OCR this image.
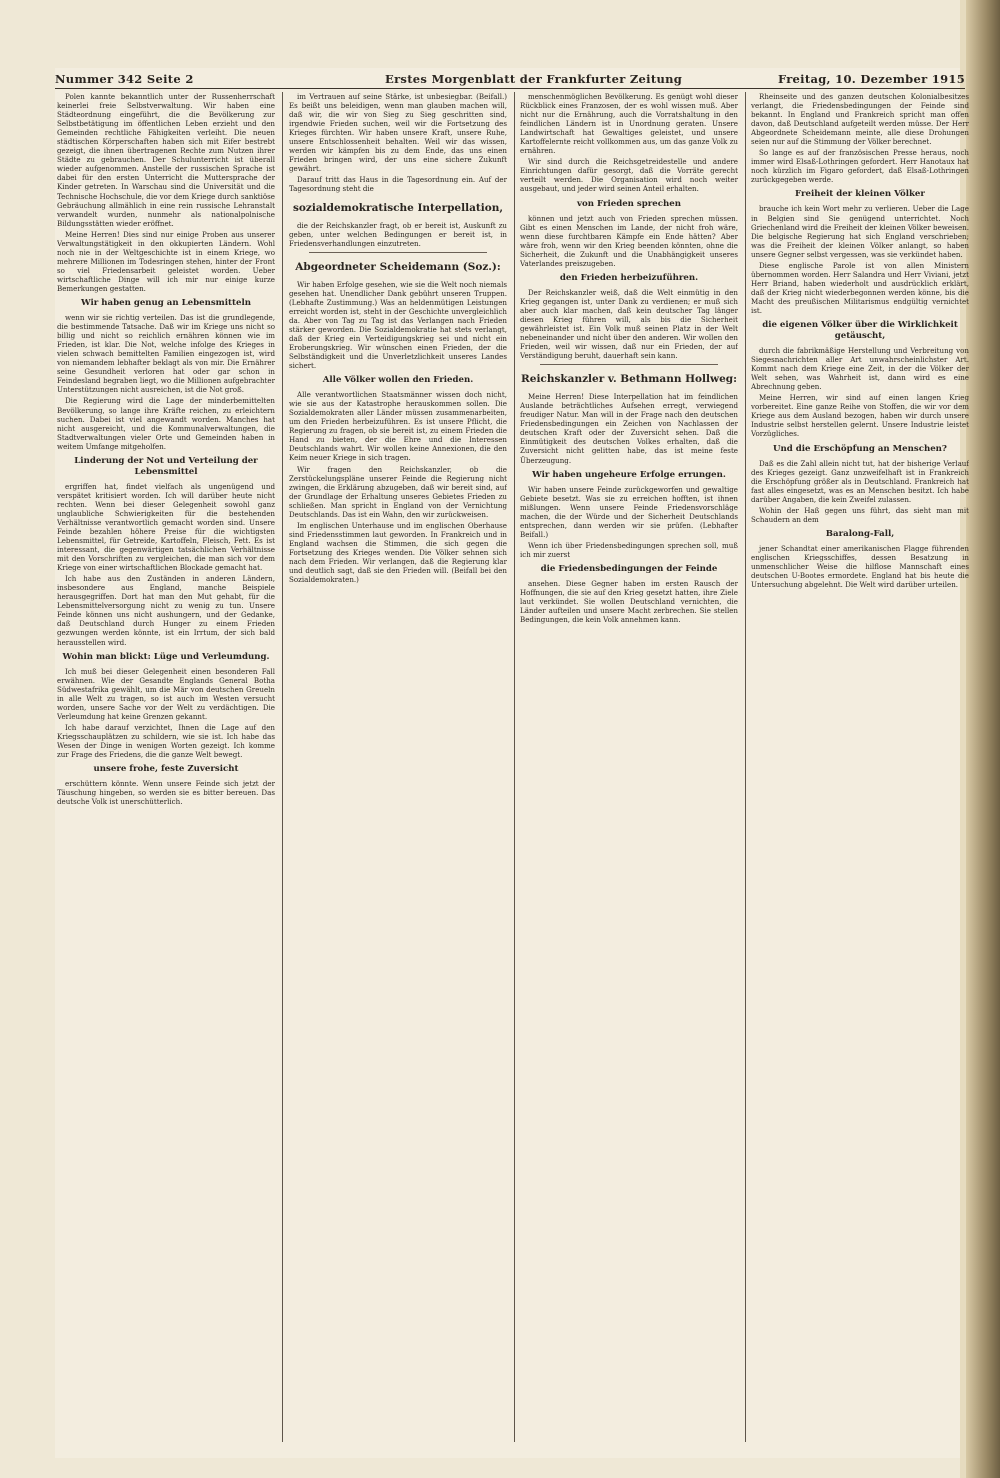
Nummer 342 Seite 2	Erstes Morgenblatt der Frankfurter Zeitung	Freitag, 10. Dezember 1915

Polen kannte bekanntlich unter der Russenherrschaft keinerlei freie Selbstverwaltung. Wir haben eine Städteordnung eingeführt, die die Bevölkerung zur Selbstbetätigung im öffentlichen Leben erzieht und den Gemeinden rechtliche Fähigkeiten verleiht. Die neuen städtischen Körperschaften haben sich mit Eifer bestrebt gezeigt, die ihnen übertragenen Rechte zum Nutzen ihrer Städte zu gebrauchen. Der Schulunterricht ist überall wieder aufgenommen. Anstelle der russischen Sprache ist dabei für den ersten Unterricht die Muttersprache der Kinder getreten. In Warschau sind die Universität und die Technische Hochschule, die vor dem Kriege durch sanktiöse Gebräuchung allmählich in eine rein russische Lehranstalt verwandelt wurden, nunmehr als nationalpolnische Bildungsstätten wieder eröffnet.

Meine Herren! Dies sind nur einige Proben aus unserer Verwaltungstätigkeit in den okkupierten Ländern. Wohl noch nie in der Weltgeschichte ist in einem Kriege, wo mehrere Millionen im Todesringen stehen, hinter der Front so viel Friedensarbeit geleistet worden. Ueber wirtschaftliche Dinge will ich mir nur einige kurze Bemerkungen gestatten.

Wir haben genug an Lebensmitteln

wenn wir sie richtig verteilen. Das ist die grundlegende, die bestimmende Tatsache. Daß wir im Kriege uns nicht so billig und nicht so reichlich ernähren können wie im Frieden, ist klar. Die Not, welche infolge des Krieges in vielen schwach bemittelten Familien eingezogen ist, wird von niemandem lebhafter beklagt als von mir. Die Ernährer seine Gesundheit verloren hat oder gar schon in Feindesland begraben liegt, wo die Millionen aufgebrachter Unterstützungen nicht ausreichen, ist die Not groß.

Die Regierung wird die Lage der minderbemittelten Bevölkerung, so lange ihre Kräfte reichen, zu erleichtern suchen. Dabei ist viel angewandt worden. Manches hat nicht ausgereicht, und die Kommunalverwaltungen, die Stadtverwaltungen vieler Orte und Gemeinden haben in weitem Umfange mitgeholfen.

Linderung der Not und Verteilung der Lebensmittel

ergriffen hat, findet vielfach als ungenügend und verspätet kritisiert worden. Ich will darüber heute nicht rechten. Wenn bei dieser Gelegenheit sowohl ganz unglaubliche Schwierigkeiten für die bestehenden Verhältnisse verantwortlich gemacht worden sind. Unsere Feinde bezahlen höhere Preise für die wichtigsten Lebensmittel, für Getreide, Kartoffeln, Fleisch, Fett. Es ist interessant, die gegenwärtigen tatsächlichen Verhältnisse mit den Vorschriften zu vergleichen, die man sich vor dem Kriege von einer wirtschaftlichen Blockade gemacht hat.

Ich habe aus den Zuständen in anderen Ländern, insbesondere aus England, manche Beispiele herausgegriffen. Dort hat man den Mut gehabt, für die Lebensmittelversorgung nicht zu wenig zu tun. Unsere Feinde können uns nicht aushungern, und der Gedanke, daß Deutschland durch Hunger zu einem Frieden gezwungen werden könnte, ist ein Irrtum, der sich bald herausstellen wird.

Wohin man blickt: Lüge und Verleumdung.

Ich muß bei dieser Gelegenheit einen besonderen Fall erwähnen. Wie der Gesandte Englands General Botha Südwestafrika gewählt, um die Mär von deutschen Greueln in alle Welt zu tragen, so ist auch im Westen versucht worden, unsere Sache vor der Welt zu verdächtigen. Die Verleumdung hat keine Grenzen gekannt.

Ich habe darauf verzichtet, Ihnen die Lage auf den Kriegsschauplätzen zu schildern, wie sie ist. Ich habe das Wesen der Dinge in wenigen Worten gezeigt. Ich komme zur Frage des Friedens, die die ganze Welt bewegt.

unsere frohe, feste Zuversicht

erschüttern könnte. Wenn unsere Feinde sich jetzt der Täuschung hingeben, so werden sie es bitter bereuen. Das deutsche Volk ist unerschütterlich.

im Vertrauen auf seine Stärke, ist unbesiegbar. (Beifall.) Es beißt uns beleidigen, wenn man glauben machen will, daß wir, die wir von Sieg zu Sieg geschritten sind, irgendwie Frieden suchen, weil wir die Fortsetzung des Krieges fürchten. Wir haben unsere Kraft, unsere Ruhe, unsere Entschlossenheit behalten. Weil wir das wissen, werden wir kämpfen bis zu dem Ende, das uns einen Frieden bringen wird, der uns eine sichere Zukunft gewährt.

Darauf tritt das Haus in die Tagesordnung ein. Auf der Tagesordnung steht die

sozialdemokratische Interpellation,

die der Reichskanzler fragt, ob er bereit ist, Auskunft zu geben, unter welchen Bedingungen er bereit ist, in Friedensverhandlungen einzutreten.

Abgeordneter Scheidemann (Soz.):

Wir haben Erfolge gesehen, wie sie die Welt noch niemals gesehen hat. Unendlicher Dank gebührt unseren Truppen. (Lebhafte Zustimmung.) Was an heldenmütigen Leistungen erreicht worden ist, steht in der Geschichte unvergleichlich da. Aber von Tag zu Tag ist das Verlangen nach Frieden stärker geworden. Die Sozialdemokratie hat stets verlangt, daß der Krieg ein Verteidigungskrieg sei und nicht ein Eroberungskrieg. Wir wünschen einen Frieden, der die Selbständigkeit und die Unverletzlichkeit unseres Landes sichert.

Alle Völker wollen den Frieden.

Alle verantwortlichen Staatsmänner wissen doch nicht, wie sie aus der Katastrophe herauskommen sollen. Die Sozialdemokraten aller Länder müssen zusammenarbeiten, um den Frieden herbeizuführen. Es ist unsere Pflicht, die Regierung zu fragen, ob sie bereit ist, zu einem Frieden die Hand zu bieten, der die Ehre und die Interessen Deutschlands wahrt. Wir wollen keine Annexionen, die den Keim neuer Kriege in sich tragen.

Wir fragen den Reichskanzler, ob die Zerstückelungspläne unserer Feinde die Regierung nicht zwingen, die Erklärung abzugeben, daß wir bereit sind, auf der Grundlage der Erhaltung unseres Gebietes Frieden zu schließen. Man spricht in England von der Vernichtung Deutschlands. Das ist ein Wahn, den wir zurückweisen.

Im englischen Unterhause und im englischen Oberhause sind Friedensstimmen laut geworden. In Frankreich und in England wachsen die Stimmen, die sich gegen die Fortsetzung des Krieges wenden. Die Völker sehnen sich nach dem Frieden. Wir verlangen, daß die Regierung klar und deutlich sagt, daß sie den Frieden will. (Beifall bei den Sozialdemokraten.)

menschenmöglichen Bevölkerung. Es genügt wohl dieser Rückblick eines Franzosen, der es wohl wissen muß. Aber nicht nur die Ernährung, auch die Vorratshaltung in den feindlichen Ländern ist in Unordnung geraten. Unsere Landwirtschaft hat Gewaltiges geleistet, und unsere Kartoffelernte reicht vollkommen aus, um das ganze Volk zu ernähren.

Wir sind durch die Reichsgetreidestelle und andere Einrichtungen dafür gesorgt, daß die Vorräte gerecht verteilt werden. Die Organisation wird noch weiter ausgebaut, und jeder wird seinen Anteil erhalten.

von Frieden sprechen

können und jetzt auch von Frieden sprechen müssen. Gibt es einen Menschen im Lande, der nicht froh wäre, wenn diese furchtbaren Kämpfe ein Ende hätten? Aber wäre froh, wenn wir den Krieg beenden könnten, ohne die Sicherheit, die Zukunft und die Unabhängigkeit unseres Vaterlandes preiszugeben.

den Frieden herbeizuführen.

Der Reichskanzler weiß, daß die Welt einmütig in den Krieg gegangen ist, unter Dank zu verdienen; er muß sich aber auch klar machen, daß kein deutscher Tag länger diesen Krieg führen will, als bis die Sicherheit gewährleistet ist. Ein Volk muß seinen Platz in der Welt nebeneinander und nicht über den anderen. Wir wollen den Frieden, weil wir wissen, daß nur ein Frieden, der auf Verständigung beruht, dauerhaft sein kann.

Reichskanzler v. Bethmann Hollweg:

Meine Herren! Diese Interpellation hat im feindlichen Auslande beträchtliches Aufsehen erregt, verwiegend freudiger Natur. Man will in der Frage nach den deutschen Friedensbedingungen ein Zeichen von Nachlassen der deutschen Kraft oder der Zuversicht sehen. Daß die Einmütigkeit des deutschen Volkes erhalten, daß die Zuversicht nicht gelitten habe, das ist meine feste Überzeugung.

Wir haben ungeheure Erfolge errungen.

Wir haben unsere Feinde zurückgeworfen und gewaltige Gebiete besetzt. Was sie zu erreichen hofften, ist ihnen mißlungen. Wenn unsere Feinde Friedensvorschläge machen, die der Würde und der Sicherheit Deutschlands entsprechen, dann werden wir sie prüfen. (Lebhafter Beifall.)

Wenn ich über Friedensbedingungen sprechen soll, muß ich mir zuerst

die Friedensbedingungen der Feinde

ansehen. Diese Gegner haben im ersten Rausch der Hoffnungen, die sie auf den Krieg gesetzt hatten, ihre Ziele laut verkündet. Sie wollen Deutschland vernichten, die Länder aufteilen und unsere Macht zerbrechen. Sie stellen Bedingungen, die kein Volk annehmen kann.

Rheinseite und des ganzen deutschen Kolonialbesitzes verlangt, die Friedensbedingungen der Feinde sind bekannt. In England und Frankreich spricht man offen davon, daß Deutschland aufgeteilt werden müsse. Der Herr Abgeordnete Scheidemann meinte, alle diese Drohungen seien nur auf die Stimmung der Völker berechnet.

So lange es auf der französischen Presse heraus, noch immer wird Elsaß-Lothringen gefordert. Herr Hanotaux hat noch kürzlich im Figaro gefordert, daß Elsaß-Lothringen zurückgegeben werde.

Freiheit der kleinen Völker

brauche ich kein Wort mehr zu verlieren. Ueber die Lage in Belgien sind Sie genügend unterrichtet. Noch Griechenland wird die Freiheit der kleinen Völker beweisen. Die belgische Regierung hat sich England verschrieben; was die Freiheit der kleinen Völker anlangt, so haben unsere Gegner selbst vergessen, was sie verkündet haben.

Diese englische Parole ist von allen Ministern übernommen worden. Herr Salandra und Herr Viviani, jetzt Herr Briand, haben wiederholt und ausdrücklich erklärt, daß der Krieg nicht wiederbegonnen werden könne, bis die Macht des preußischen Militarismus endgültig vernichtet ist.

die eigenen Völker über die Wirklichkeit getäuscht,

durch die fabrikmäßige Herstellung und Verbreitung von Siegesnachrichten aller Art unwahrscheinlichster Art. Kommt nach dem Kriege eine Zeit, in der die Völker der Welt sehen, was Wahrheit ist, dann wird es eine Abrechnung geben.

Meine Herren, wir sind auf einen langen Krieg vorbereitet. Eine ganze Reihe von Stoffen, die wir vor dem Kriege aus dem Ausland bezogen, haben wir durch unsere Industrie selbst herstellen gelernt. Unsere Industrie leistet Vorzügliches.

Und die Erschöpfung an Menschen?

Daß es die Zahl allein nicht tut, hat der bisherige Verlauf des Krieges gezeigt. Ganz unzweifelhaft ist in Frankreich die Erschöpfung größer als in Deutschland. Frankreich hat fast alles eingesetzt, was es an Menschen besitzt. Ich habe darüber Angaben, die kein Zweifel zulassen.

Wohin der Haß gegen uns führt, das sieht man mit Schaudern an dem

Baralong-Fall,

jener Schandtat einer amerikanischen Flagge führenden englischen Kriegsschiffes, dessen Besatzung in unmenschlicher Weise die hilflose Mannschaft eines deutschen U-Bootes ermordete. England hat bis heute die Untersuchung abgelehnt. Die Welt wird darüber urteilen.
